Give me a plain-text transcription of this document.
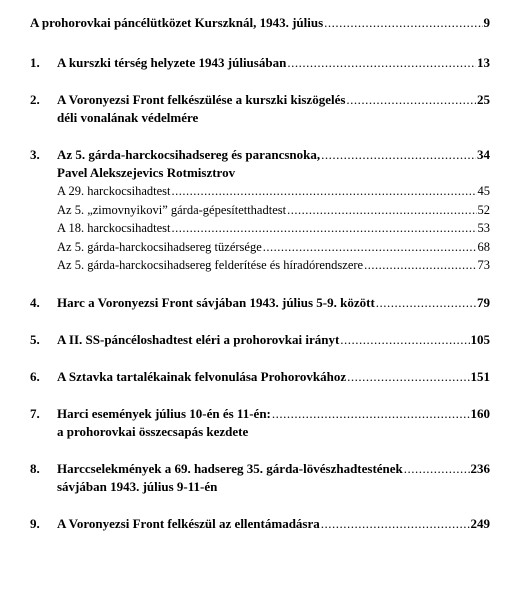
A prohorovkai páncélütközet Kurszknál, 1943. július .....	9
1.	A kurszki térség helyzete 1943 júliusában .....	13
2.	A Voronyezsi Front felkészülése a kurszki kiszögelés .....	25
déli vonalának védelmére
3.	Az 5. gárda-harckocsihadsereg és parancsnoka, .....	34
Pavel Alekszejevics Rotmisztrov
A 29. harckocsihadtest .....	45
Az 5. „zimovnyikovi” gárda-gépesítetthadtest .....	52
A 18. harckocsihadtest .....	53
Az 5. gárda-harckocsihadsereg tüzérsége .....	68
Az 5. gárda-harckocsihadsereg felderítése és híradórendszere .....	73
4.	Harc a Voronyezsi Front sávjában 1943. július 5-9. között .....	79
5.	A II. SS-páncéloshadtest eléri a prohorovkai irányt .....	105
6.	A Sztavka tartalékainak felvonulása Prohorovkához .....	151
7.	Harci események július 10-én és 11-én: .....	160
a prohorovkai összecsapás kezdete
8.	Harccselekmények a 69. hadsereg 35. gárda-lövészhadtestének .....	236
sávjában 1943. július 9-11-én
9.	A Voronyezsi Front felkészül az ellentámadásra .....	249
